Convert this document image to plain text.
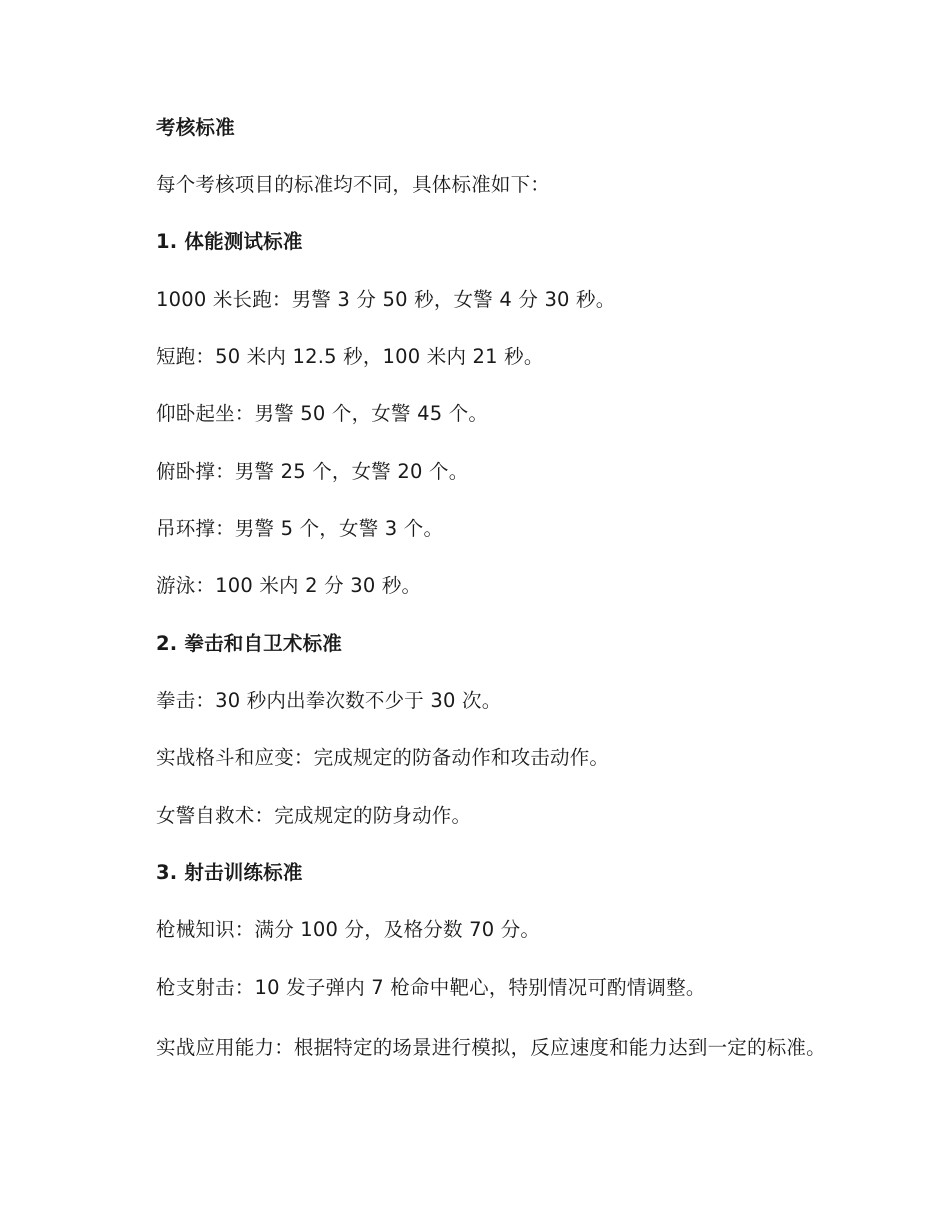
考核标准
每个考核项目的标准均不同，具体标准如下：
1. 体能测试标准
1000 米长跑：男警 3 分 50 秒，女警 4 分 30 秒。
短跑：50 米内 12.5 秒，100 米内 21 秒。
仰卧起坐：男警 50 个，女警 45 个。
俯卧撑：男警 25 个，女警 20 个。
吊环撑：男警 5 个，女警 3 个。
游泳：100 米内 2 分 30 秒。
2. 拳击和自卫术标准
拳击：30 秒内出拳次数不少于 30 次。
实战格斗和应变：完成规定的防备动作和攻击动作。
女警自救术：完成规定的防身动作。
3. 射击训练标准
枪械知识：满分 100 分，及格分数 70 分。
枪支射击：10 发子弹内 7 枪命中靶心，特别情况可酌情调整。
实战应用能力：根据特定的场景进行模拟，反应速度和能力达到一定的标准。
